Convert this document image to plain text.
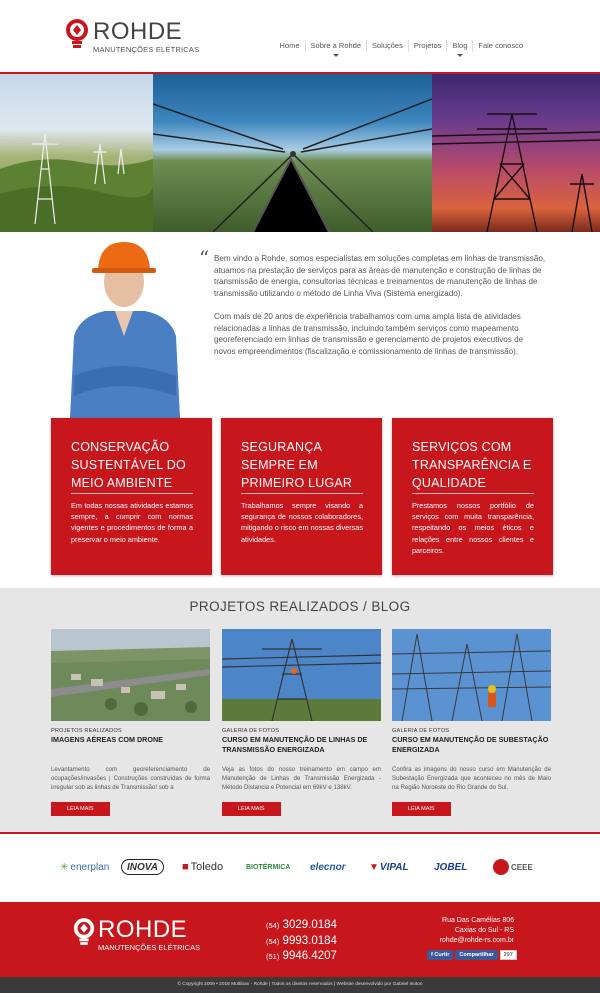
ROHDE
MANUTENÇÕES ELÉTRICAS	Home	Sobre a Rohde	Soluções	Projetos	Blog	Fale conosco
“ Bem vindo a Rohde, somos especialistas em soluções completas em linhas de transmissão, atuamos na prestação de serviços para as áreas de manutenção e construção de linhas de transmissão de energia, consultorias técnicas e treinamentos de manutenção de linhas de transmissão utilizando o método de Linha Viva (Sistema energizado).

Com mais de 20 anos de experiência trabalhamos com uma ampla lista de atividades relacionadas a linhas de transmissão, incluindo também serviços como mapeamento georeferenciado em linhas de transmissão e gerenciamento de projetos executivos de novos empreendimentos (fiscalização e comissionamento de linhas de transmissão).

CONSERVAÇÃO SUSTENTÁVEL DO MEIO AMBIENTE
Em todas nossas atividades estamos sempre, a cumprir com normas vigentes e procedimentos de forma a preservar o meio ambiente.
SEGURANÇA SEMPRE EM PRIMEIRO LUGAR
Trabalhamos sempre visando a segurança de nossos colaboradores, mitigando o risco em nossas diversas atividades.
SERVIÇOS COM TRANSPARÊNCIA E QUALIDADE
Prestamos nossos portfólio de serviços com muita transparência, respeitando os meios éticos e relações entre nossos clientes e parceiros.
PROJETOS REALIZADOS / BLOG
PROJETOS REALIZADOS
IMAGENS AÉREAS COM DRONE
Levantamento com georeferenciamento de ocupações/invasões | Construções construídas de forma irregular sob as linhas de Transmissão! sob a
LEIA MAIS
GALERIA DE FOTOS
CURSO EM MANUTENÇÃO DE LINHAS DE TRANSMISSÃO ENERGIZADA
Veja as fotos do nosso treinamento em campo em Manutenção de Linhas de Transmissão Energizada - Método Distancia e Potencial em 69kV e 138kV.
LEIA MAIS
GALERIA DE FOTOS
CURSO EM MANUTENÇÃO DE SUBESTAÇÃO ENERGIZADA
Confira as imagens do nosso curso em Manutenção de Subestação Energizada que aconteceu no mês de Maio na Região Noroeste do Rio Grande do Sul.
LEIA MAIS
✳ enerplan INOVA ■ Toledo	BIOTÉRMICA elecnor ▼ VIPAL	JOBEL	CEEE
ROHDE
MANUTENÇÕES ELÉTRICAS
(54) 3029.0184
(54) 9993.0184
(51) 9946.4207
Rua Das Camélias 806
Caxias do Sul - RS
rohde@rohde-rs.com.br
f Curtir	Compartilhar	297
© Copyright 2009 • 2016 Multiban - Rohde | Todos os direitos reservados | Website desenvolvido por Gabriel Isoton
